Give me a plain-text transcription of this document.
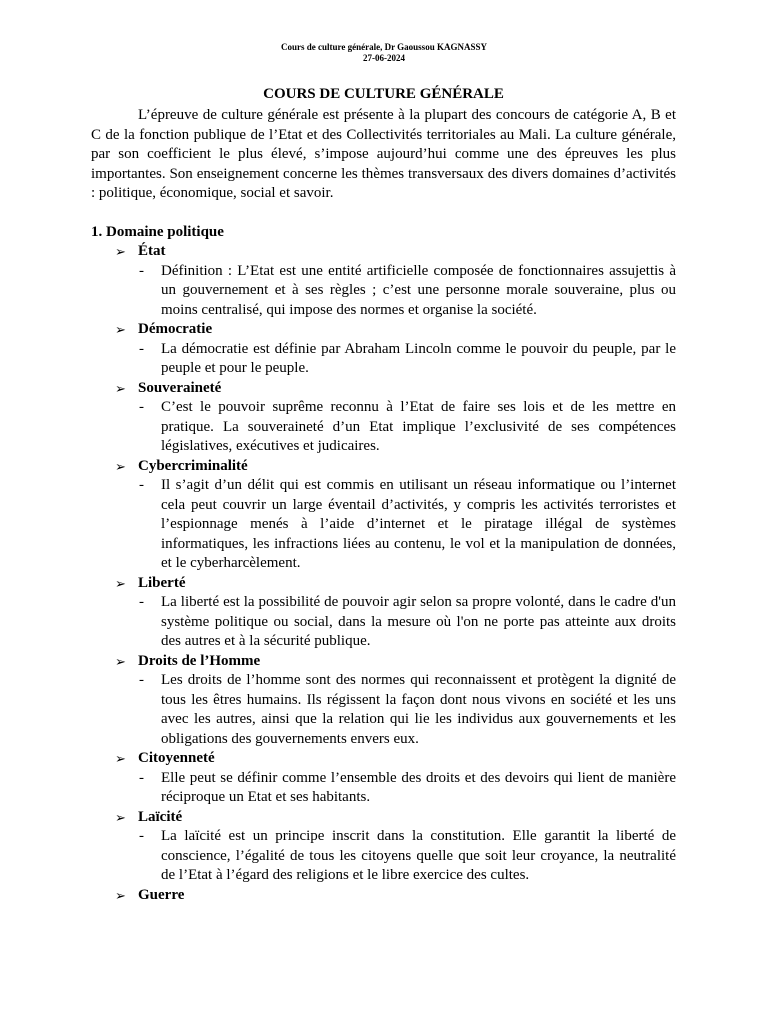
Cours de culture générale, Dr Gaoussou KAGNASSY
27-06-2024
COURS DE CULTURE GÉNÉRALE

L’épreuve de culture générale est présente à la plupart des concours de catégorie A, B et C de la fonction publique de l’Etat et des Collectivités territoriales au Mali. La culture générale, par son coefficient le plus élevé, s’impose aujourd’hui comme une des épreuves les plus importantes. Son enseignement concerne les thèmes transversaux des divers domaines d’activités : politique, économique, social et savoir.

1. Domaine politique
➢ État
- Définition : L’Etat est une entité artificielle composée de fonctionnaires assujettis à un gouvernement et à ses règles ; c’est une personne morale souveraine, plus ou moins centralisé, qui impose des normes et organise la société.

➢ Démocratie
- La démocratie est définie par Abraham Lincoln comme le pouvoir du peuple, par le peuple et pour le peuple.

➢ Souveraineté
- C’est le pouvoir suprême reconnu à l’Etat de faire ses lois et de les mettre en pratique. La souveraineté d’un Etat implique l’exclusivité de ses compétences législatives, exécutives et judicaires.

➢ Cybercriminalité
- Il s’agit d’un délit qui est commis en utilisant un réseau informatique ou l’internet cela peut couvrir un large éventail d’activités, y compris les activités terroristes et l’espionnage menés à l’aide d’internet et le piratage illégal de systèmes informatiques, les infractions liées au contenu, le vol et la manipulation de données, et le cyberharcèlement.

➢ Liberté
- La liberté est la possibilité de pouvoir agir selon sa propre volonté, dans le cadre d'un système politique ou social, dans la mesure où l'on ne porte pas atteinte aux droits des autres et à la sécurité publique.

➢ Droits de l’Homme
- Les droits de l’homme sont des normes qui reconnaissent et protègent la dignité de tous les êtres humains. Ils régissent la façon dont nous vivons en société et les uns avec les autres, ainsi que la relation qui lie les individus aux gouvernements et les obligations des gouvernements envers eux.

➢ Citoyenneté
- Elle peut se définir comme l’ensemble des droits et des devoirs qui lient de manière réciproque un Etat et ses habitants.

➢ Laïcité
- La laïcité est un principe inscrit dans la constitution. Elle garantit la liberté de conscience, l’égalité de tous les citoyens quelle que soit leur croyance, la neutralité de l’Etat à l’égard des religions et le libre exercice des cultes.

➢ Guerre
